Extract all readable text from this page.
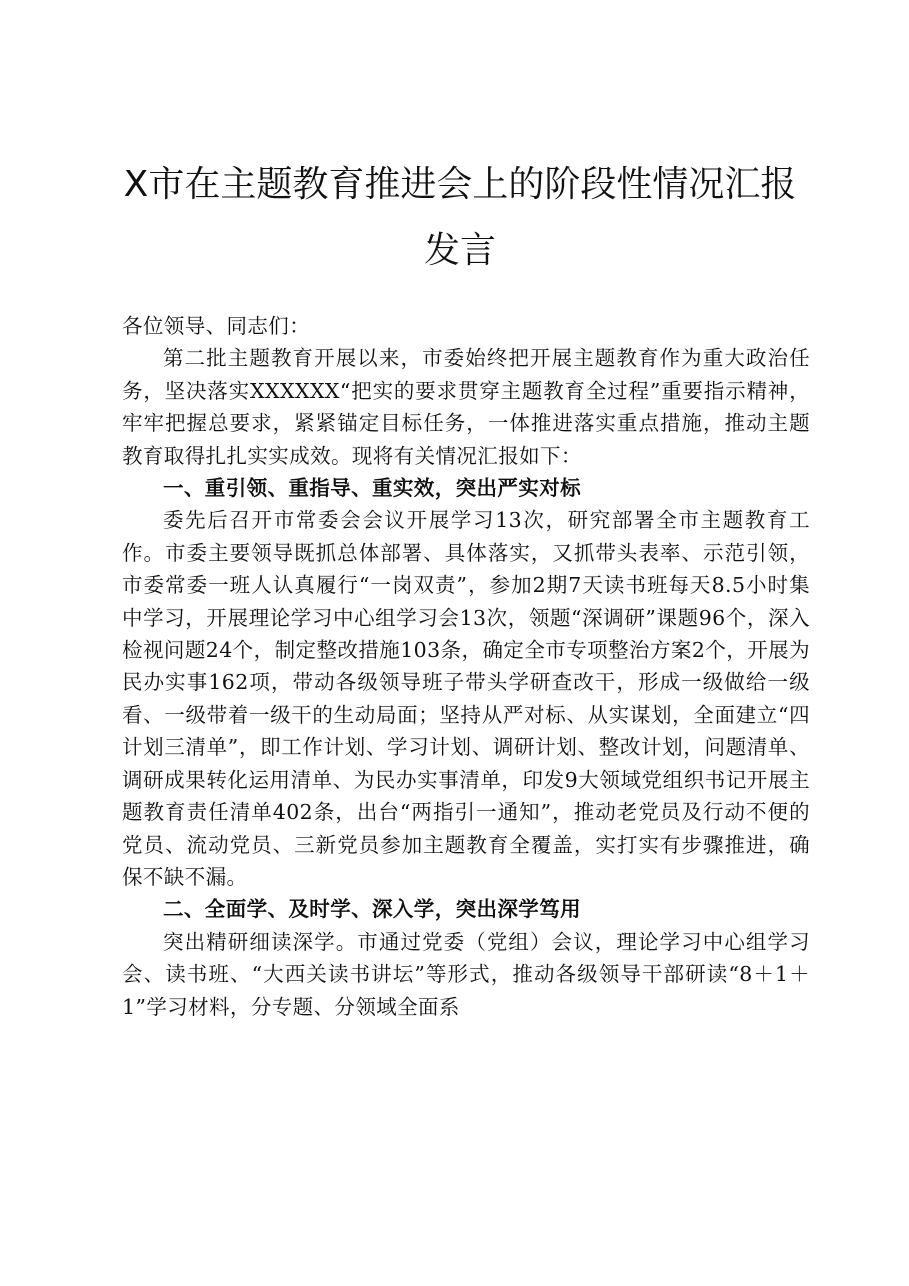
X市在主题教育推进会上的阶段性情况汇报发言

各位领导、同志们：

第二批主题教育开展以来，市委始终把开展主题教育作为重大政治任务，坚决落实XXXXXX“把实的要求贯穿主题教育全过程”重要指示精神，牢牢把握总要求，紧紧锚定目标任务，一体推进落实重点措施，推动主题教育取得扎扎实实成效。现将有关情况汇报如下：

一、重引领、重指导、重实效，突出严实对标

委先后召开市常委会会议开展学习13次，研究部署全市主题教育工作。市委主要领导既抓总体部署、具体落实，又抓带头表率、示范引领，市委常委一班人认真履行“一岗双责”，参加2期7天读书班每天8.5小时集中学习，开展理论学习中心组学习会13次，领题“深调研”课题96个，深入检视问题24个，制定整改措施103条，确定全市专项整治方案2个，开展为民办实事162项，带动各级领导班子带头学研查改干，形成一级做给一级看、一级带着一级干的生动局面；坚持从严对标、从实谋划，全面建立“四计划三清单”，即工作计划、学习计划、调研计划、整改计划，问题清单、调研成果转化运用清单、为民办实事清单，印发9大领域党组织书记开展主题教育责任清单402条，出台“两指引一通知”，推动老党员及行动不便的党员、流动党员、三新党员参加主题教育全覆盖，实打实有步骤推进，确保不缺不漏。

二、全面学、及时学、深入学，突出深学笃用

突出精研细读深学。市通过党委（党组）会议，理论学习中心组学习会、读书班、“大西关读书讲坛”等形式，推动各级领导干部研读“8＋1＋1”学习材料，分专题、分领域全面系
